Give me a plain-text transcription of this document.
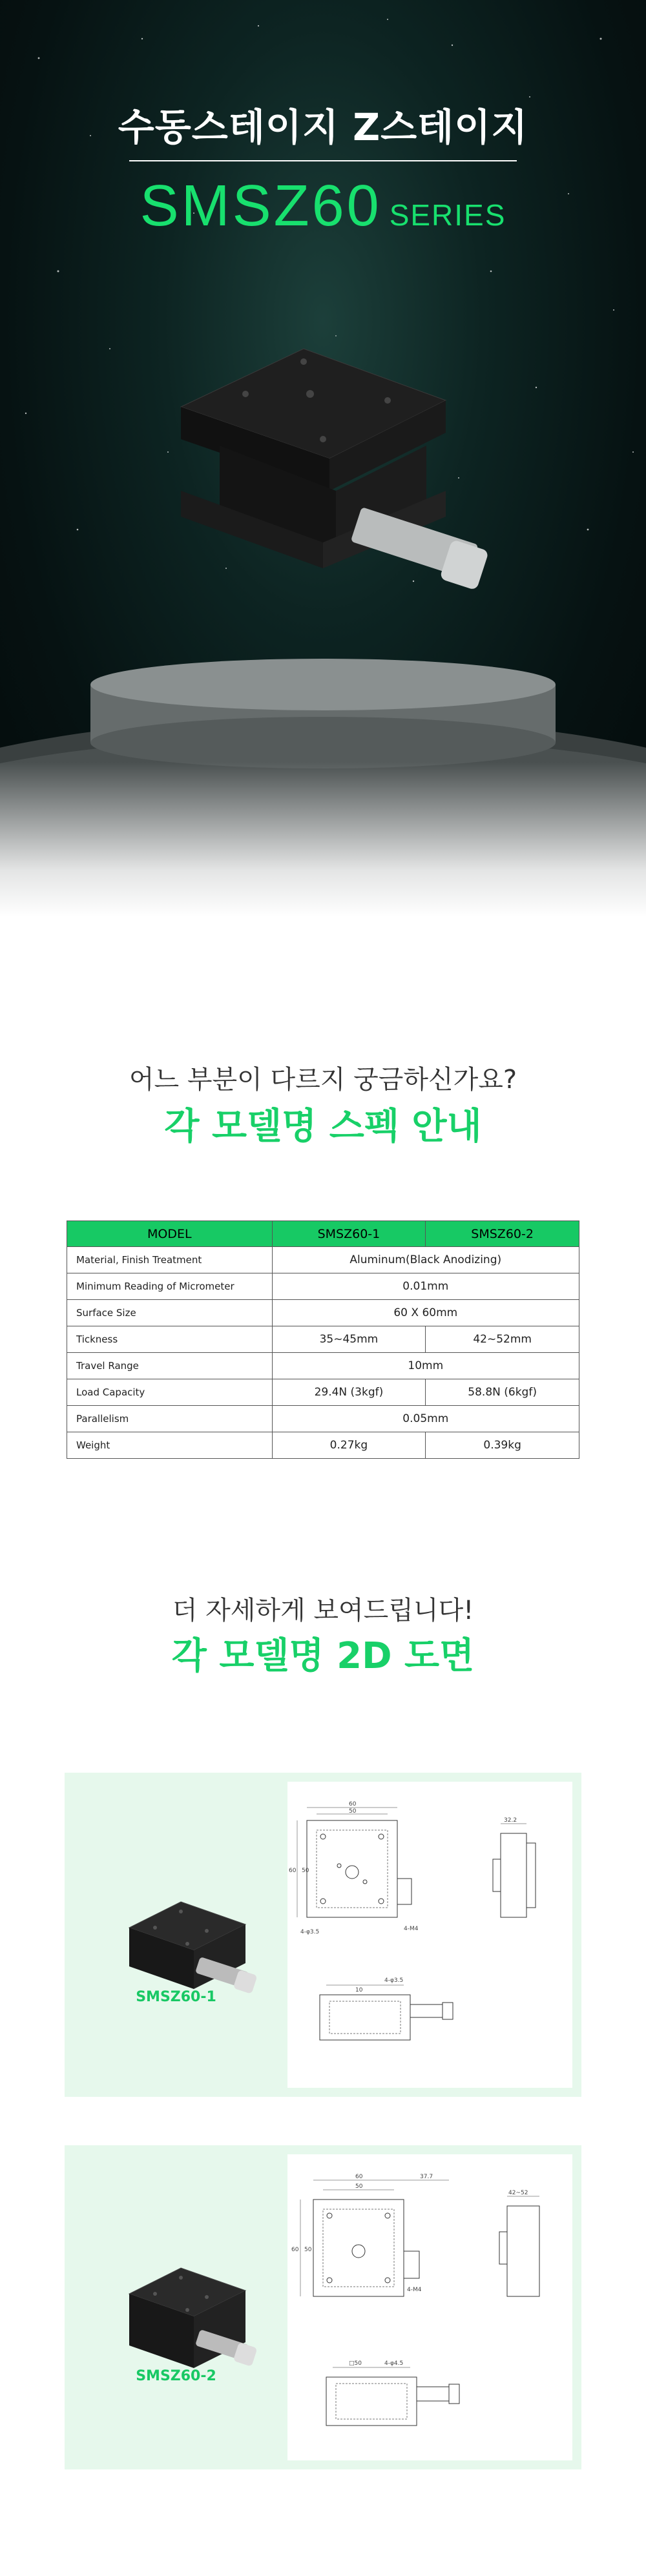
수동스테이지 Z스테이지
SMSZ60 SERIES
어느 부분이 다르지 궁금하신가요?
각 모델명 스펙 안내
MODEL	SMSZ60-1	SMSZ60-2
Material, Finish Treatment	Aluminum(Black Anodizing)	
Minimum Reading of Micrometer	0.01mm	
Surface Size	60 X 60mm	
Tickness	35~45mm	42~52mm
Travel Range	10mm	
Load Capacity	29.4N (3kgf)	58.8N (6kgf)
Parallelism	0.05mm	
Weight	0.27kg	0.39kg
더 자세하게 보여드립니다!
각 모델명 2D 도면
SMSZ60-1
60
50
60 50
4-φ3.5	4-M4
32.2
4-φ3.5
10
SMSZ60-2
60	37.7
50
60 50
4-M4
42~52
□50	4-φ4.5
